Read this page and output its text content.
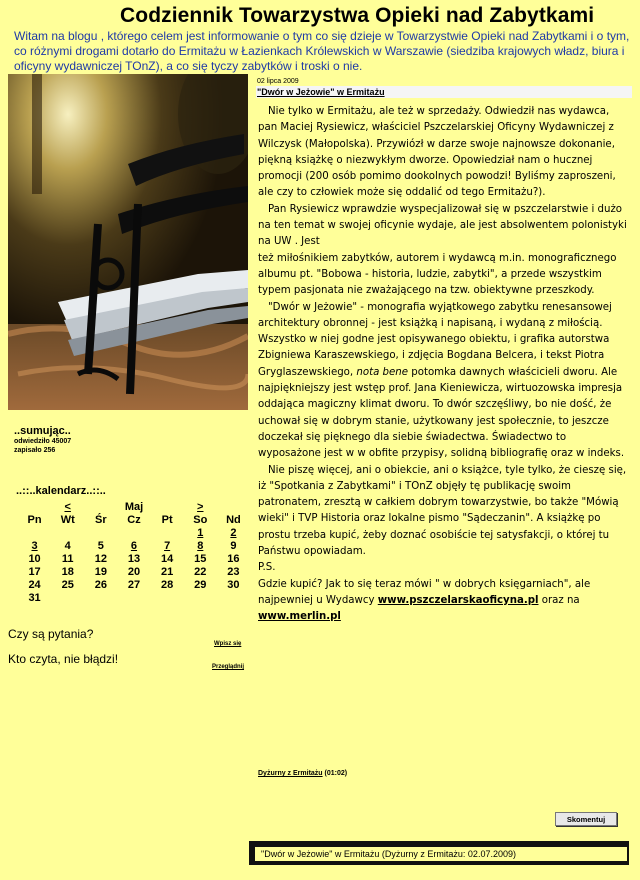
Codziennik Towarzystwa Opieki nad Zabytkami
Witam na blogu , którego celem jest informowanie o tym co się dzieje w Towarzystwie Opieki nad Zabytkami i o tym, co różnymi drogami dotarło do Ermitażu w Łazienkach Królewskich w Warszawie (siedziba krajowych władz, biura i oficyny wydawniczej TOnZ), a co się tyczy zabytków i troski o nie.
..sumując..
odwiedziło 45007
zapisało 256
..::..kalendarz..::..
	<		Maj		>	
Pn	Wt	Śr	Cz	Pt	So	Nd
					1	2
3	4	5	6	7	8	9
10	11	12	13	14	15	16
17	18	19	20	21	22	23
24	25	26	27	28	29	30
31						
Czy są pytania?
Wpisz się
Kto czyta, nie błądzi!
Przeglądnij
02 lipca 2009
"Dwór w Jeżowie" w Ermitażu

Nie tylko w Ermitażu, ale też w sprzedaży. Odwiedził nas wydawca, pan Maciej Rysiewicz, właściciel Pszczelarskiej Oficyny Wydawniczej z Wilczysk (Małopolska). Przywiózł w darze swoje najnowsze dokonanie, piękną książkę o niezwykłym dworze. Opowiedział nam o hucznej promocji (200 osób pomimo dookolnych powodzi! Byliśmy zaproszeni, ale czy to człowiek może się oddalić od tego Ermitażu?).

Pan Rysiewicz wprawdzie wyspecjalizował się w pszczelarstwie i dużo na ten temat w swojej oficynie wydaje, ale jest absolwentem polonistyki na UW . Jest

też miłośnikiem zabytków, autorem i wydawcą m.in. monograficznego albumu pt. "Bobowa - historia, ludzie, zabytki", a przede wszystkim typem pasjonata nie zważającego na tzw. obiektywne przeszkody.

"Dwór w Jeżowie" - monografia wyjątkowego zabytku renesansowej architektury obronnej - jest książką i napisaną, i wydaną z miłością. Wszystko w niej godne jest opisywanego obiektu, i grafika autorstwa Zbigniewa Karaszewskiego, i zdjęcia Bogdana Belcera, i tekst Piotra Gryglaszewskiego, nota bene potomka dawnych właścicieli dworu. Ale najpiękniejszy jest wstęp prof. Jana Kieniewicza, wirtuozowska impresja oddająca magiczny klimat dworu. To dwór szczęśliwy, bo nie dość, że uchował się w dobrym stanie, użytkowany jest społecznie, to jeszcze doczekał się pięknego dla siebie świadectwa. Świadectwo to wyposażone jest w w obfite przypisy, solidną bibliografię oraz w indeks.

Nie piszę więcej, ani o obiekcie, ani o książce, tyle tylko, że cieszę się, iż "Spotkania z Zabytkami" i TOnZ objęły tę publikację swoim patronatem, zresztą w całkiem dobrym towarzystwie, bo także "Mówią wieki" i TVP Historia oraz lokalne pismo "Sądeczanin". A książkę po prostu trzeba kupić, żeby doznać osobiście tej satysfakcji, o której tu Państwu opowiadam.

P.S.

Gdzie kupić? Jak to się teraz mówi " w dobrych księgarniach", ale najpewniej u Wydawcy www.pszczelarskaoficyna.pl oraz na www.merlin.pl

Dyżurny z Ermitażu (01:02)
Skomentuj
"Dwór w Jeżowie" w Ermitażu (Dyżurny z Ermitażu: 02.07.2009)
